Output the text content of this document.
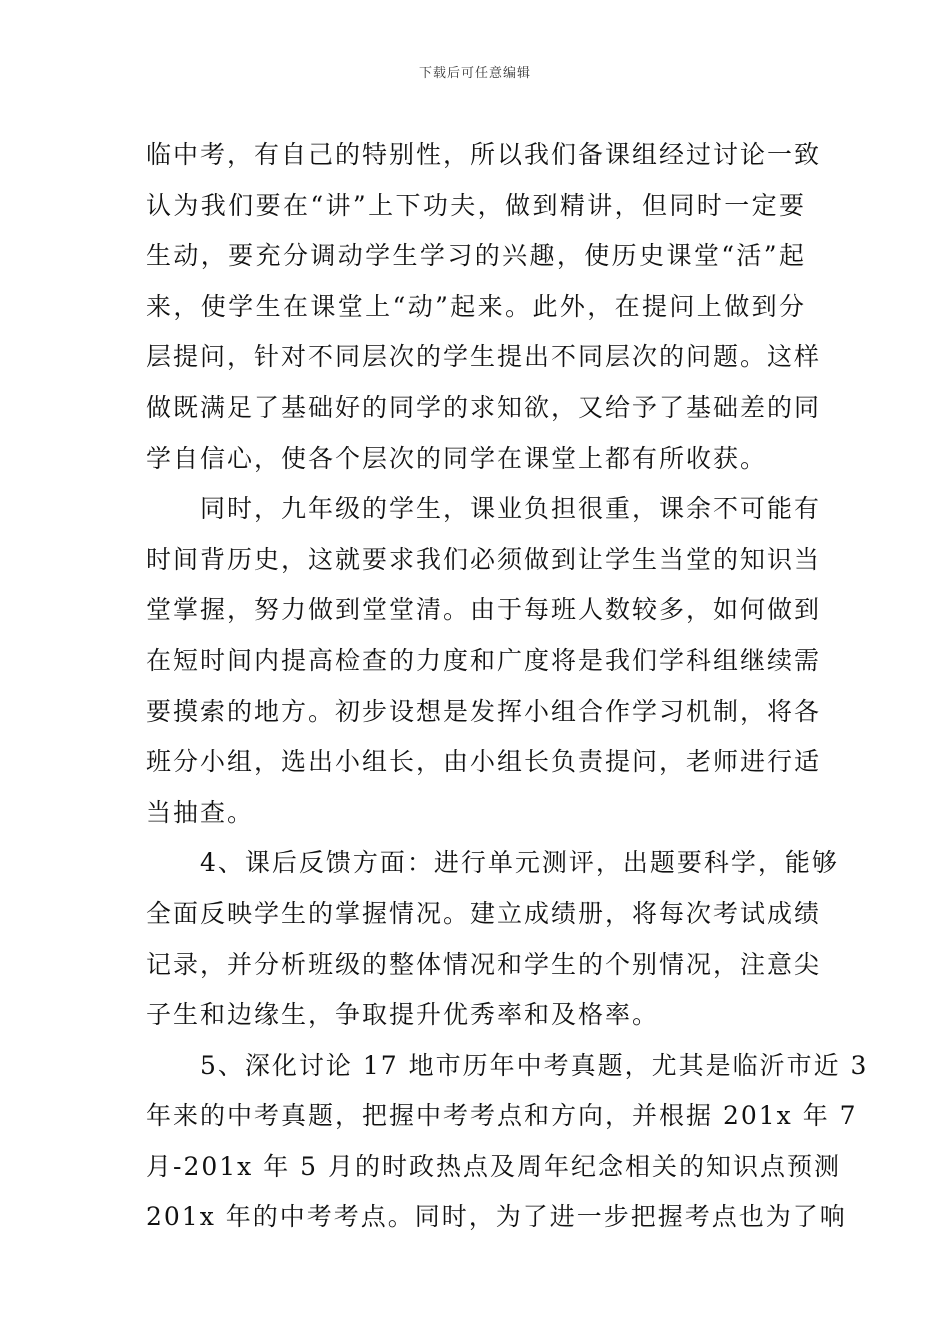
下载后可任意编辑
临中考，有自己的特别性，所以我们备课组经过讨论一致
认为我们要在“讲”上下功夫，做到精讲，但同时一定要
生动，要充分调动学生学习的兴趣，使历史课堂“活”起
来，使学生在课堂上“动”起来。此外，在提问上做到分
层提问，针对不同层次的学生提出不同层次的问题。这样
做既满足了基础好的同学的求知欲，又给予了基础差的同
学自信心，使各个层次的同学在课堂上都有所收获。
同时，九年级的学生，课业负担很重，课余不可能有
时间背历史，这就要求我们必须做到让学生当堂的知识当
堂掌握，努力做到堂堂清。由于每班人数较多，如何做到
在短时间内提高检查的力度和广度将是我们学科组继续需
要摸索的地方。初步设想是发挥小组合作学习机制，将各
班分小组，选出小组长，由小组长负责提问，老师进行适
当抽查。
4、课后反馈方面：进行单元测评，出题要科学，能够
全面反映学生的掌握情况。建立成绩册，将每次考试成绩
记录，并分析班级的整体情况和学生的个别情况，注意尖
子生和边缘生，争取提升优秀率和及格率。
5、深化讨论 17 地市历年中考真题，尤其是临沂市近 3
年来的中考真题，把握中考考点和方向，并根据 201x 年 7
月-201x 年 5 月的时政热点及周年纪念相关的知识点预测
201x 年的中考考点。同时，为了进一步把握考点也为了响
